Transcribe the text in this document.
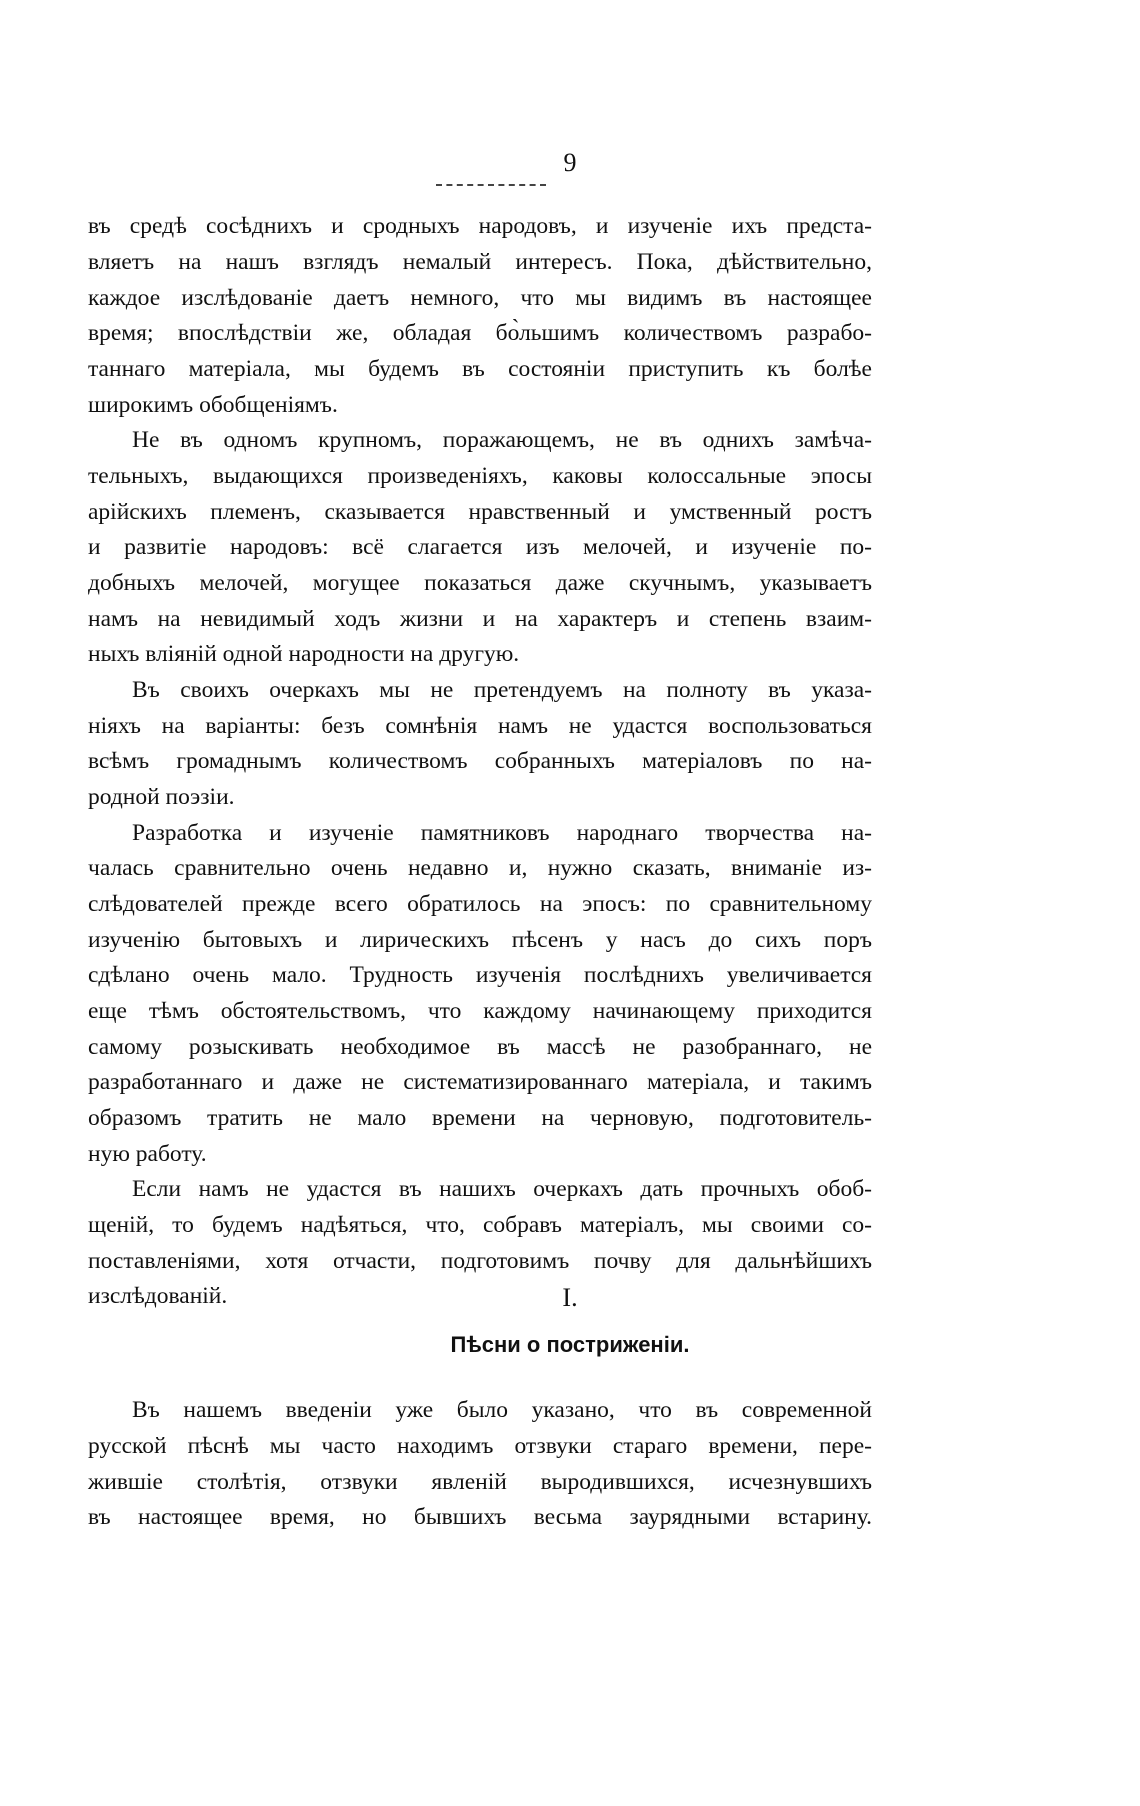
9
въ средѣ сосѣднихъ и сродныхъ народовъ, и изученіе ихъ предста-
вляетъ на нашъ взглядъ немалый интересъ. Пока, дѣйствительно,
каждое изслѣдованіе даетъ немного, что мы видимъ въ настоящее
время; впослѣдствіи же, обладая бо̀льшимъ количествомъ разрабо-
таннаго матеріала, мы будемъ въ состояніи приступить къ болѣе
широкимъ обобщеніямъ.
Не въ одномъ крупномъ, поражающемъ, не въ однихъ замѣча-
тельныхъ, выдающихся произведеніяхъ, каковы колоссальные эпосы
арійскихъ племенъ, сказывается нравственный и умственный ростъ
и развитіе народовъ: всё слагается изъ мелочей, и изученіе по-
добныхъ мелочей, могущее показаться даже скучнымъ, указываетъ
намъ на невидимый ходъ жизни и на характеръ и степень взаим-
ныхъ вліяній одной народности на другую.
Въ своихъ очеркахъ мы не претендуемъ на полноту въ указа-
ніяхъ на варіанты: безъ сомнѣнія намъ не удастся воспользоваться
всѣмъ громаднымъ количествомъ собранныхъ матеріаловъ по на-
родной поэзіи.
Разработка и изученіе памятниковъ народнаго творчества на-
чалась сравнительно очень недавно и, нужно сказать, вниманіе из-
слѣдователей прежде всего обратилось на эпосъ: по сравнительному
изученію бытовыхъ и лирическихъ пѣсенъ у насъ до сихъ поръ
сдѣлано очень мало. Трудность изученія послѣднихъ увеличивается
еще тѣмъ обстоятельствомъ, что каждому начинающему приходится
самому розыскивать необходимое въ массѣ не разобраннаго, не
разработаннаго и даже не систематизированнаго матеріала, и такимъ
образомъ тратить не мало времени на черновую, подготовитель-
ную работу.
Если намъ не удастся въ нашихъ очеркахъ дать прочныхъ обоб-
щеній, то будемъ надѣяться, что, собравъ матеріалъ, мы своими со-
поставленіями, хотя отчасти, подготовимъ почву для дальнѣйшихъ
изслѣдованій.	I.
Пѣсни о постриженіи.
Въ нашемъ введеніи уже было указано, что въ современной
русской пѣснѣ мы часто находимъ отзвуки стараго времени, пере-
жившіе столѣтія, отзвуки явленій выродившихся, исчезнувшихъ
въ настоящее время, но бывшихъ весьма заурядными встарину.
